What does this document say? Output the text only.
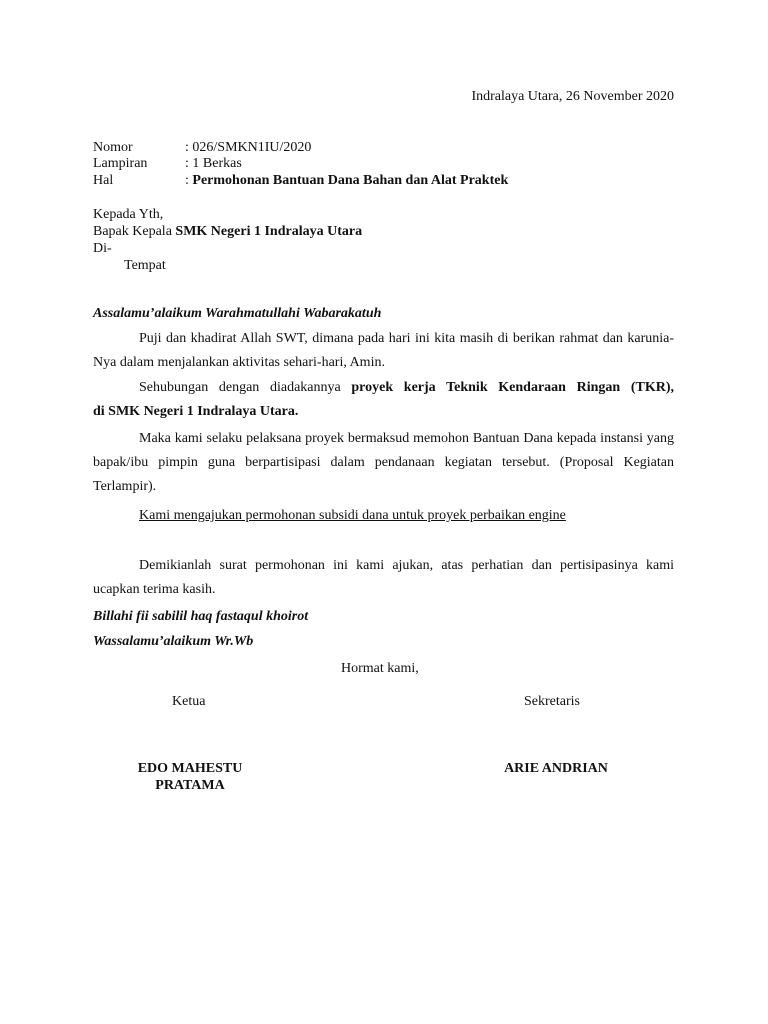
Indralaya Utara, 26 November 2020
Nomor	: 026/SMKN1IU/2020
Lampiran	: 1 Berkas
Hal	: Permohonan Bantuan Dana Bahan dan Alat Praktek
Kepada Yth,
Bapak Kepala SMK Negeri 1 Indralaya Utara
Di-
Tempat
Assalamu’alaikum Warahmatullahi Wabarakatuh
Puji dan khadirat Allah SWT, dimana pada hari ini kita masih di berikan rahmat dan karunia-Nya dalam menjalankan aktivitas sehari-hari, Amin.
Sehubungan dengan diadakannya proyek kerja Teknik Kendaraan Ringan (TKR),
di SMK Negeri 1 Indralaya Utara.
Maka kami selaku pelaksana proyek bermaksud memohon Bantuan Dana kepada instansi yang bapak/ibu pimpin guna berpartisipasi dalam pendanaan kegiatan tersebut. (Proposal Kegiatan Terlampir).
Kami mengajukan permohonan subsidi dana untuk proyek perbaikan engine
Demikianlah surat permohonan ini kami ajukan, atas perhatian dan pertisipasinya kami ucapkan terima kasih.
Billahi fii sabilil haq fastaqul khoirot
Wassalamu’alaikum Wr.Wb
Hormat kami,
Ketua	Sekretaris
EDO MAHESTU
PRATAMA
ARIE ANDRIAN
